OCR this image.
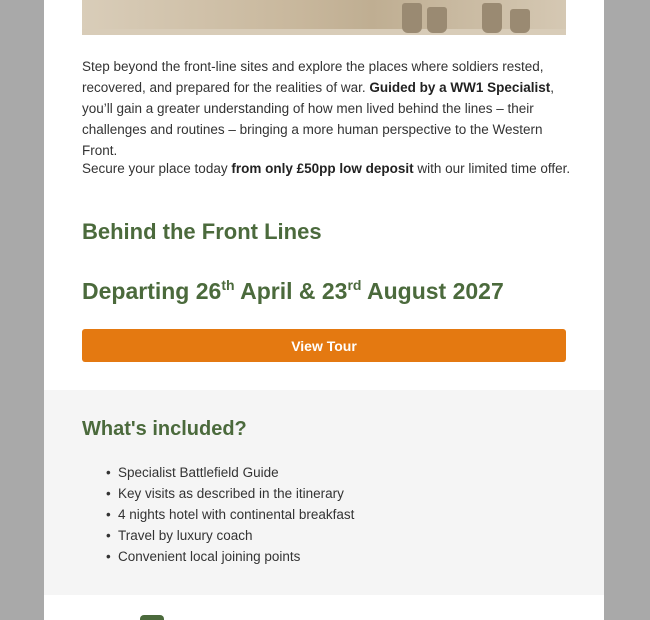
Step beyond the front-line sites and explore the places where soldiers rested, recovered, and prepared for the realities of war. Guided by a WW1 Specialist, you’ll gain a greater understanding of how men lived behind the lines – their challenges and routines – bringing a more human perspective to the Western Front.

Secure your place today from only £50pp low deposit with our limited time offer.

Behind the Front Lines
Departing 26th April & 23rd August 2027
View Tour
What's included?
• Specialist Battlefield Guide
• Key visits as described in the itinerary
• 4 nights hotel with continental breakfast
• Travel by luxury coach
• Convenient local joining points
